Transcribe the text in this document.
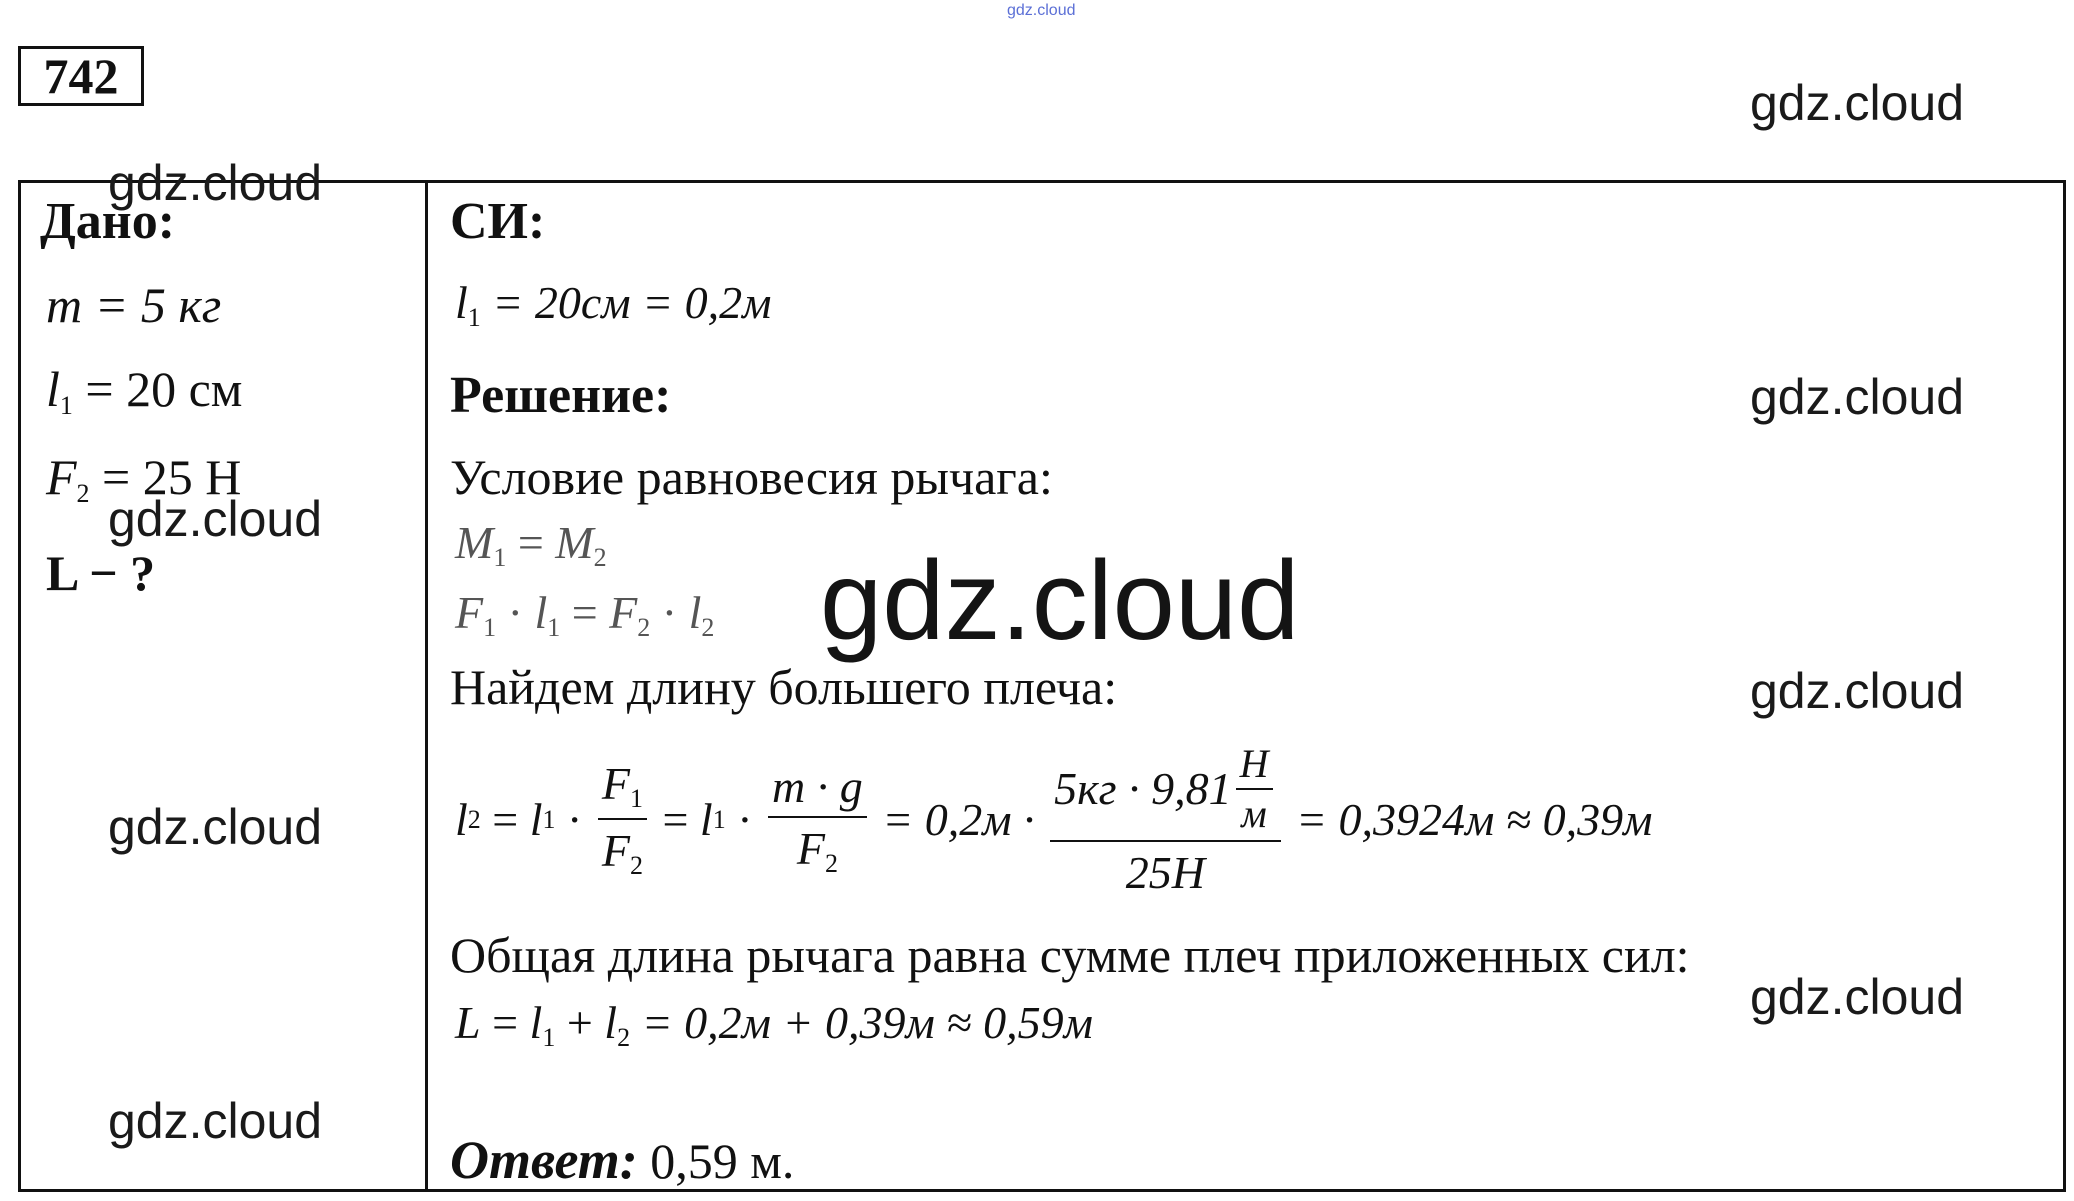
gdz.cloud
gdz.cloud
gdz.cloud
gdz.cloud
gdz.cloud
742
Дано:
m = 5 кг
$l_1 = 20$ см
$F_2 = 25$ Н
L − ?
gdz.cloud
gdz.cloud
gdz.cloud
gdz.cloud
СИ:
$l_1 = 20см = 0,2м$
Решение:
Условие равновесия рычага:
$M_1 = M_2$
$F_1 \cdot l_1 = F_2 \cdot l_2$ gdz.cloud
Найдем длину большего плеча:
l 2 = l $1 \cdot \frac{F_1}{F_2} = l$ $1 \cdot \frac{m \cdot g}{F_2} = 0,2м \cdot \frac{5кг \cdot 9,81 \frac{Н}{м}}{25Н} = 0,3924м \approx 0,39м$
Общая длина рычага равна сумме плеч приложенных сил:
$L = l_1 + l_2 = 0,2м + 0,39м \approx 0,59м$
Ответ: 0,59 м.
